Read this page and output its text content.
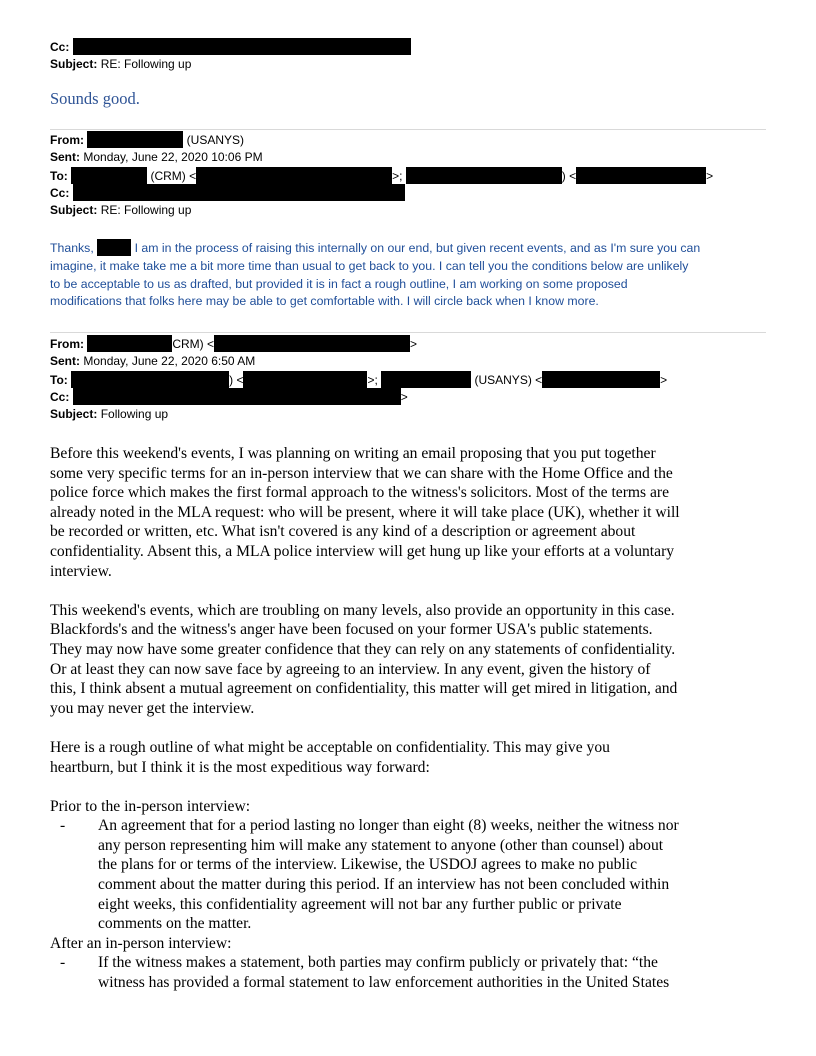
Cc:
Subject: RE: Following up
Sounds good.
From:	(USANYS)
Sent: Monday, June 22, 2020 10:06 PM
To:	(CRM) <	>;	) <	>
Cc:
Subject: RE: Following up
Thanks,	I am in the process of raising this internally on our end, but given recent events, and as I'm sure you can
imagine, it make take me a bit more time than usual to get back to you. I can tell you the conditions below are unlikely
to be acceptable to us as drafted, but provided it is in fact a rough outline, I am working on some proposed
modifications that folks here may be able to get comfortable with. I will circle back when I know more.
From:	CRM) <	>
Sent: Monday, June 22, 2020 6:50 AM
To:	) <	>;	(USANYS) <	>
Cc:	>
Subject: Following up
Before this weekend's events, I was planning on writing an email proposing that you put together
some very specific terms for an in-person interview that we can share with the Home Office and the
police force which makes the first formal approach to the witness's solicitors. Most of the terms are
already noted in the MLA request: who will be present, where it will take place (UK), whether it will
be recorded or written, etc. What isn't covered is any kind of a description or agreement about
confidentiality. Absent this, a MLA police interview will get hung up like your efforts at a voluntary
interview.
This weekend's events, which are troubling on many levels, also provide an opportunity in this case.
Blackfords's and the witness's anger have been focused on your former USA's public statements.
They may now have some greater confidence that they can rely on any statements of confidentiality.
Or at least they can now save face by agreeing to an interview. In any event, given the history of
this, I think absent a mutual agreement on confidentiality, this matter will get mired in litigation, and
you may never get the interview.
Here is a rough outline of what might be acceptable on confidentiality. This may give you
heartburn, but I think it is the most expeditious way forward:
Prior to the in-person interview:
- An agreement that for a period lasting no longer than eight (8) weeks, neither the witness nor
any person representing him will make any statement to anyone (other than counsel) about
the plans for or terms of the interview. Likewise, the USDOJ agrees to make no public
comment about the matter during this period. If an interview has not been concluded within
eight weeks, this confidentiality agreement will not bar any further public or private
comments on the matter.
After an in-person interview:
- If the witness makes a statement, both parties may confirm publicly or privately that: “the
witness has provided a formal statement to law enforcement authorities in the United States
